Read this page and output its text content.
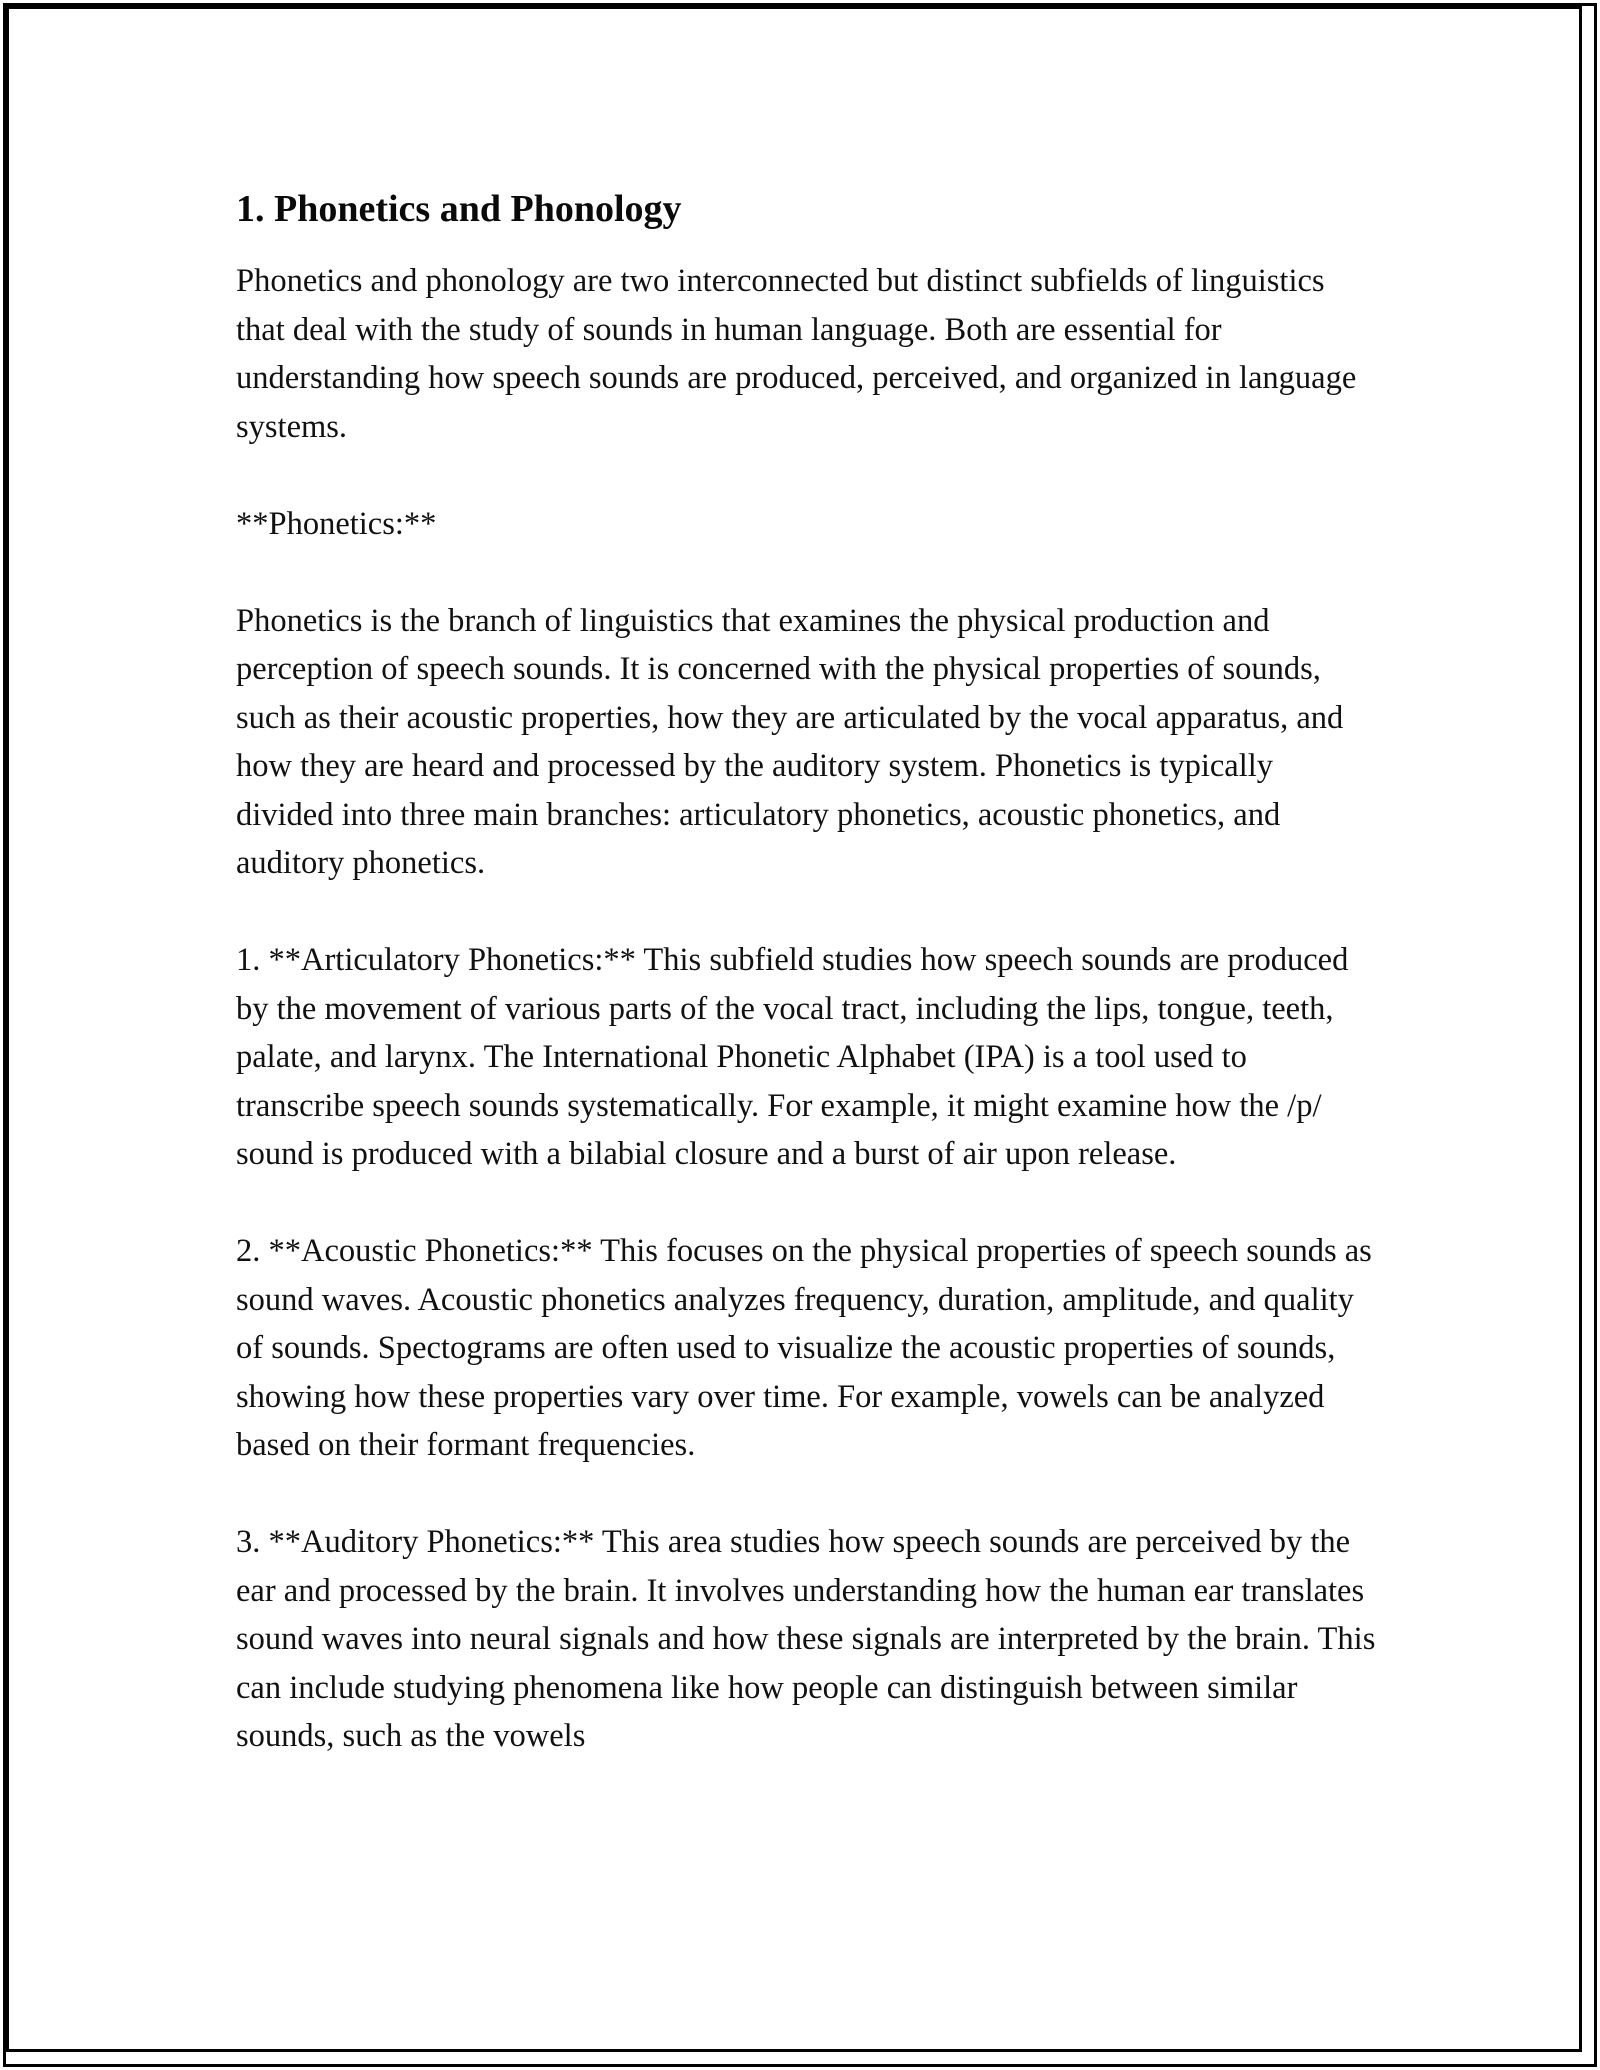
1. Phonetics and Phonology

Phonetics and phonology are two interconnected but distinct subfields of linguistics that deal with the study of sounds in human language. Both are essential for understanding how speech sounds are produced, perceived, and organized in language systems.

**Phonetics:**

Phonetics is the branch of linguistics that examines the physical production and perception of speech sounds. It is concerned with the physical properties of sounds, such as their acoustic properties, how they are articulated by the vocal apparatus, and how they are heard and processed by the auditory system. Phonetics is typically divided into three main branches: articulatory phonetics, acoustic phonetics, and auditory phonetics.

1. **Articulatory Phonetics:** This subfield studies how speech sounds are produced by the movement of various parts of the vocal tract, including the lips, tongue, teeth, palate, and larynx. The International Phonetic Alphabet (IPA) is a tool used to transcribe speech sounds systematically. For example, it might examine how the /p/ sound is produced with a bilabial closure and a burst of air upon release.

2. **Acoustic Phonetics:** This focuses on the physical properties of speech sounds as sound waves. Acoustic phonetics analyzes frequency, duration, amplitude, and quality of sounds. Spectograms are often used to visualize the acoustic properties of sounds, showing how these properties vary over time. For example, vowels can be analyzed based on their formant frequencies.

3. **Auditory Phonetics:** This area studies how speech sounds are perceived by the ear and processed by the brain. It involves understanding how the human ear translates sound waves into neural signals and how these signals are interpreted by the brain. This can include studying phenomena like how people can distinguish between similar sounds, such as the vowels
